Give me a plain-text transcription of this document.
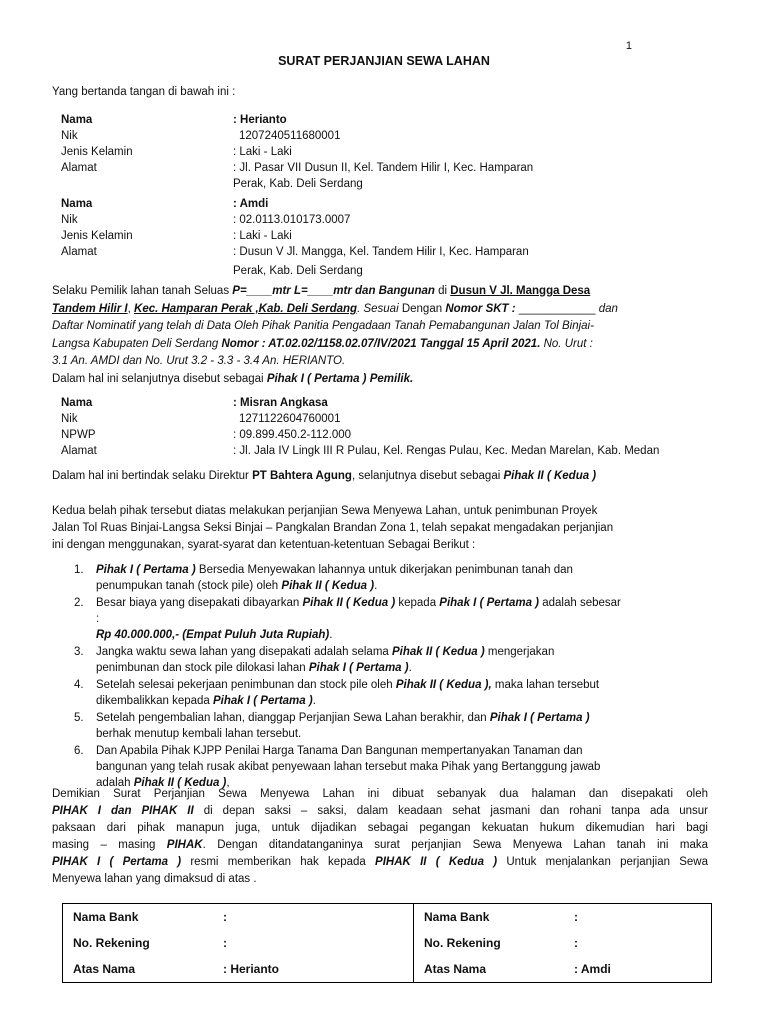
1
SURAT PERJANJIAN SEWA LAHAN
Yang bertanda tangan di bawah ini :
Nama	: Herianto
Nik	1207240511680001
Jenis Kelamin	: Laki - Laki
Alamat	: Jl. Pasar VII Dusun II, Kel. Tandem Hilir I, Kec. Hamparan
Perak, Kab. Deli Serdang
Nama	: Amdi
Nik	: 02.0113.010173.0007
Jenis Kelamin	: Laki - Laki
Alamat	: Dusun V Jl. Mangga, Kel. Tandem Hilir I, Kec. Hamparan
Perak, Kab. Deli Serdang
Selaku Pemilik lahan tanah Seluas P=____mtr L=____mtr dan Bangunan di Dusun V Jl. Mangga Desa
Tandem Hilir I, Kec. Hamparan Perak ,Kab. Deli Serdang. Sesuai Dengan Nomor SKT : ____________ dan
Daftar Nominatif yang telah di Data Oleh Pihak Panitia Pengadaan Tanah Pemabangunan Jalan Tol Binjai-
Langsa Kabupaten Deli Serdang Nomor : AT.02.02/1158.02.07/IV/2021 Tanggal 15 April 2021. No. Urut :
3.1 An. AMDI dan No. Urut 3.2 - 3.3 - 3.4 An. HERIANTO.
Dalam hal ini selanjutnya disebut sebagai Pihak I ( Pertama ) Pemilik.
Nama	: Misran Angkasa
Nik	1271122604760001
NPWP	: 09.899.450.2-112.000
Alamat	: Jl. Jala IV Lingk III R Pulau, Kel. Rengas Pulau, Kec. Medan Marelan, Kab. Medan
Dalam hal ini bertindak selaku Direktur PT Bahtera Agung, selanjutnya disebut sebagai Pihak II ( Kedua )
Kedua belah pihak tersebut diatas melakukan perjanjian Sewa Menyewa Lahan, untuk penimbunan Proyek
Jalan Tol Ruas Binjai-Langsa Seksi Binjai – Pangkalan Brandan Zona 1, telah sepakat mengadakan perjanjian
ini dengan menggunakan, syarat-syarat dan ketentuan-ketentuan Sebagai Berikut :
1. Pihak I ( Pertama ) Bersedia Menyewakan lahannya untuk dikerjakan penimbunan tanah dan
penumpukan tanah (stock pile) oleh Pihak II ( Kedua ).
2. Besar biaya yang disepakati dibayarkan Pihak II ( Kedua ) kepada Pihak I ( Pertama ) adalah sebesar
:
Rp 40.000.000,- (Empat Puluh Juta Rupiah).
3. Jangka waktu sewa lahan yang disepakati adalah selama Pihak II ( Kedua ) mengerjakan
penimbunan dan stock pile dilokasi lahan Pihak I ( Pertama ).
4. Setelah selesai pekerjaan penimbunan dan stock pile oleh Pihak II ( Kedua ), maka lahan tersebut
dikembalikkan kepada Pihak I ( Pertama ).
5. Setelah pengembalian lahan, dianggap Perjanjian Sewa Lahan berakhir, dan Pihak I ( Pertama )
berhak menutup kembali lahan tersebut.
6. Dan Apabila Pihak KJPP Penilai Harga Tanama Dan Bangunan mempertanyakan Tanaman dan
bangunan yang telah rusak akibat penyewaan lahan tersebut maka Pihak yang Bertanggung jawab
adalah Pihak II ( Kedua ),
Demikian Surat Perjanjian Sewa Menyewa Lahan ini dibuat sebanyak dua halaman dan disepakati oleh
PIHAK I dan PIHAK II di depan saksi – saksi, dalam keadaan sehat jasmani dan rohani tanpa ada unsur
paksaan dari pihak manapun juga, untuk dijadikan sebagai pegangan kekuatan hukum dikemudian hari bagi
masing – masing PIHAK. Dengan ditandatanganinya surat perjanjian Sewa Menyewa Lahan tanah ini maka
PIHAK I ( Pertama ) resmi memberikan hak kepada PIHAK II ( Kedua ) Untuk menjalankan perjanjian Sewa
Menyewa lahan yang dimaksud di atas .
Nama Bank	:	Nama Bank	:
No. Rekening	:	No. Rekening	:
Atas Nama	: Herianto	Atas Nama	: Amdi
